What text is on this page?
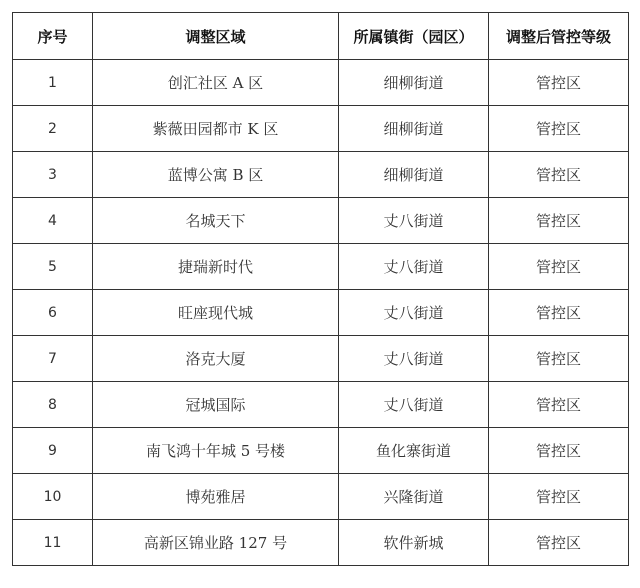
序号	调整区域	所属镇街（园区）	调整后管控等级
1	创汇社区 A 区	细柳街道	管控区
2	紫薇田园都市 K 区	细柳街道	管控区
3	蓝博公寓 B 区	细柳街道	管控区
4	名城天下	丈八街道	管控区
5	捷瑞新时代	丈八街道	管控区
6	旺座现代城	丈八街道	管控区
7	洛克大厦	丈八街道	管控区
8	冠城国际	丈八街道	管控区
9	南飞鸿十年城 5 号楼	鱼化寨街道	管控区
10	博苑雅居	兴隆街道	管控区
11	高新区锦业路 127 号	软件新城	管控区
